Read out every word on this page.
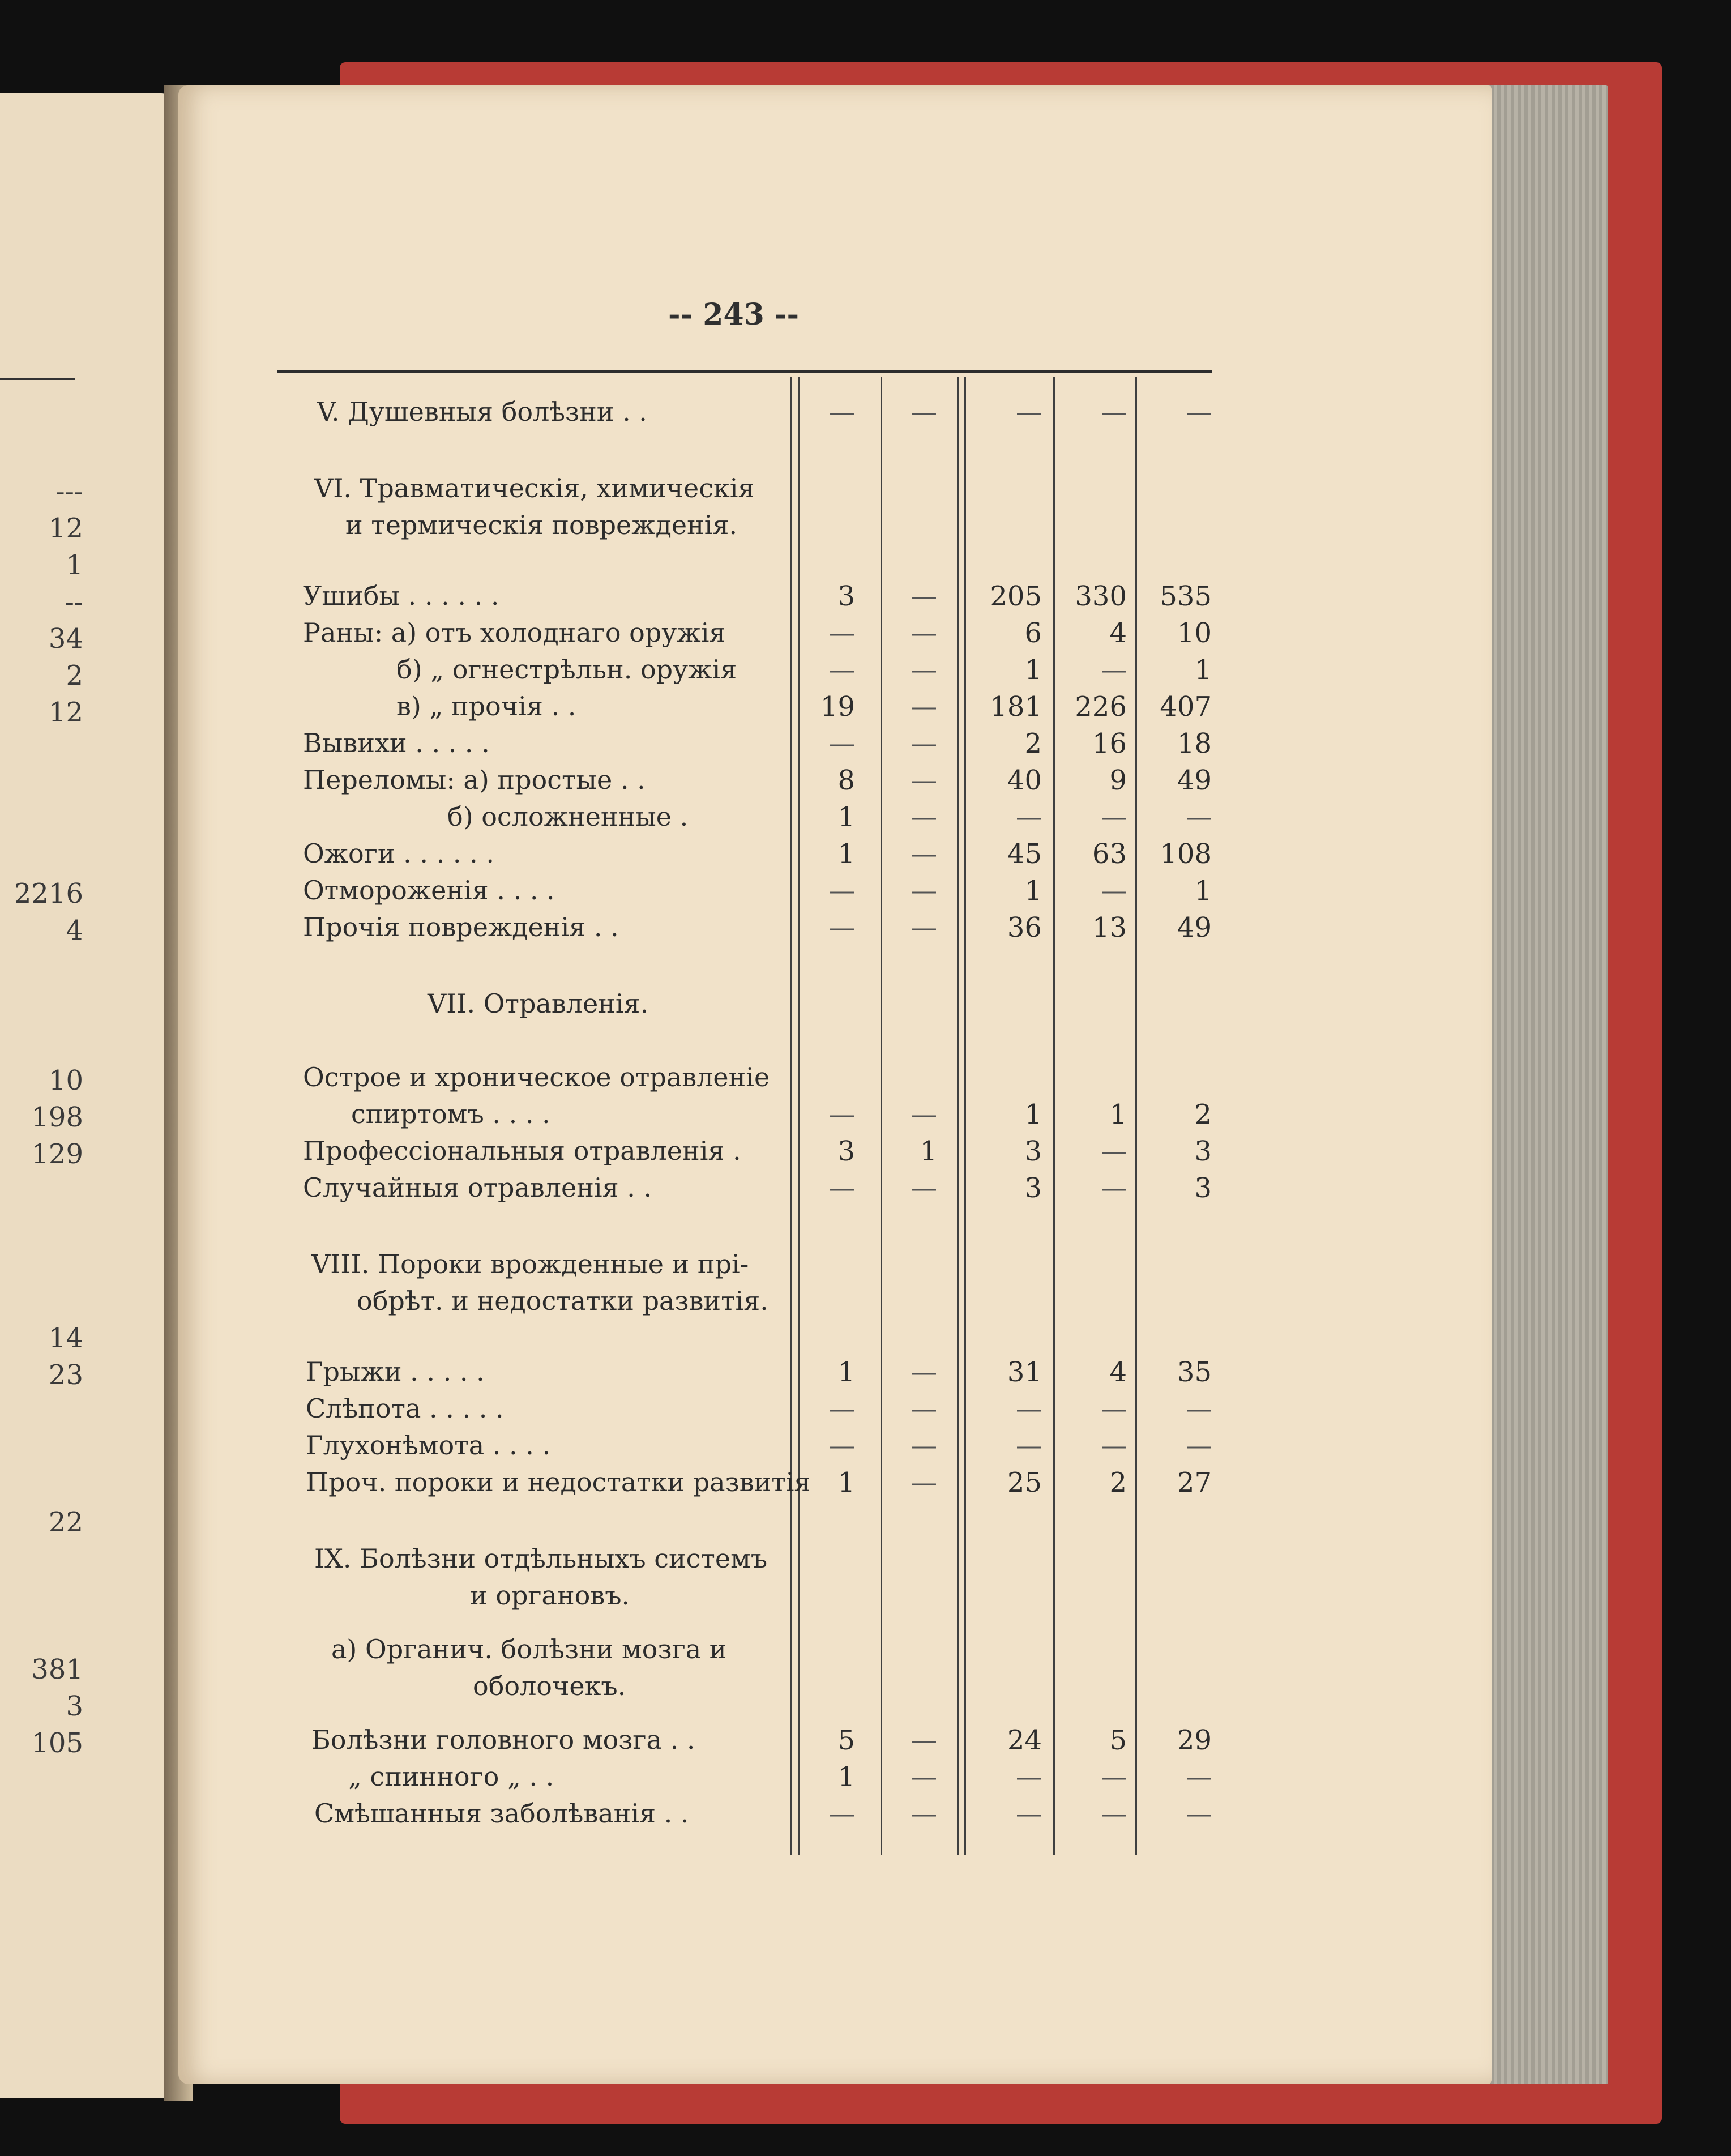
---
12
1
--
34
2
12
2216
4
10
198
129
14
23
22
381
3
105
-- 243 --
V. Душевныя болѣзни . .	— —	— — —
VI. Травматическія, химическія
и термическія поврежденія.
Ушибы . . . . . .	3 — 205 330 535
Раны: а) отъ холоднаго оружія	— —	6 4 10
б) „ огнестрѣльн. оружія	— —	1 — 1
в) „ прочія . .	19 — 181 226 407
Вывихи . . . . .	— —	2 16 18
Переломы: а) простые . .	8 —	40 9 49
б) осложненные .	1 —	— — —
Ожоги . . . . . .	1 —	45 63 108
Отмороженія . . . .	— —	1 — 1
Прочія поврежденія . .	— —	36 13 49
VII. Отравленія.
Острое и хроническое отравленіе
спиртомъ . . . .	— —	1 1 2
Профессіональныя отравленія .	3 1	3 — 3
Случайныя отравленія . .	— —	3 — 3
VIII. Пороки врожденные и прі-
обрѣт. и недостатки развитія.
Грыжи . . . . .	1 —	31 4 35
Слѣпота . . . . .	— —	— — —
Глухонѣмота . . . .	— —	— — —
Проч. пороки и недостатки развитія 1 —	25 2 27
IX. Болѣзни отдѣльныхъ системъ
и органовъ.
а) Органич. болѣзни мозга и
оболочекъ.
Болѣзни головного мозга . .	5 —	24 5 29
„ спинного „ . .	1 —	— — —
Смѣшанныя заболѣванія . .	— —	— — —
